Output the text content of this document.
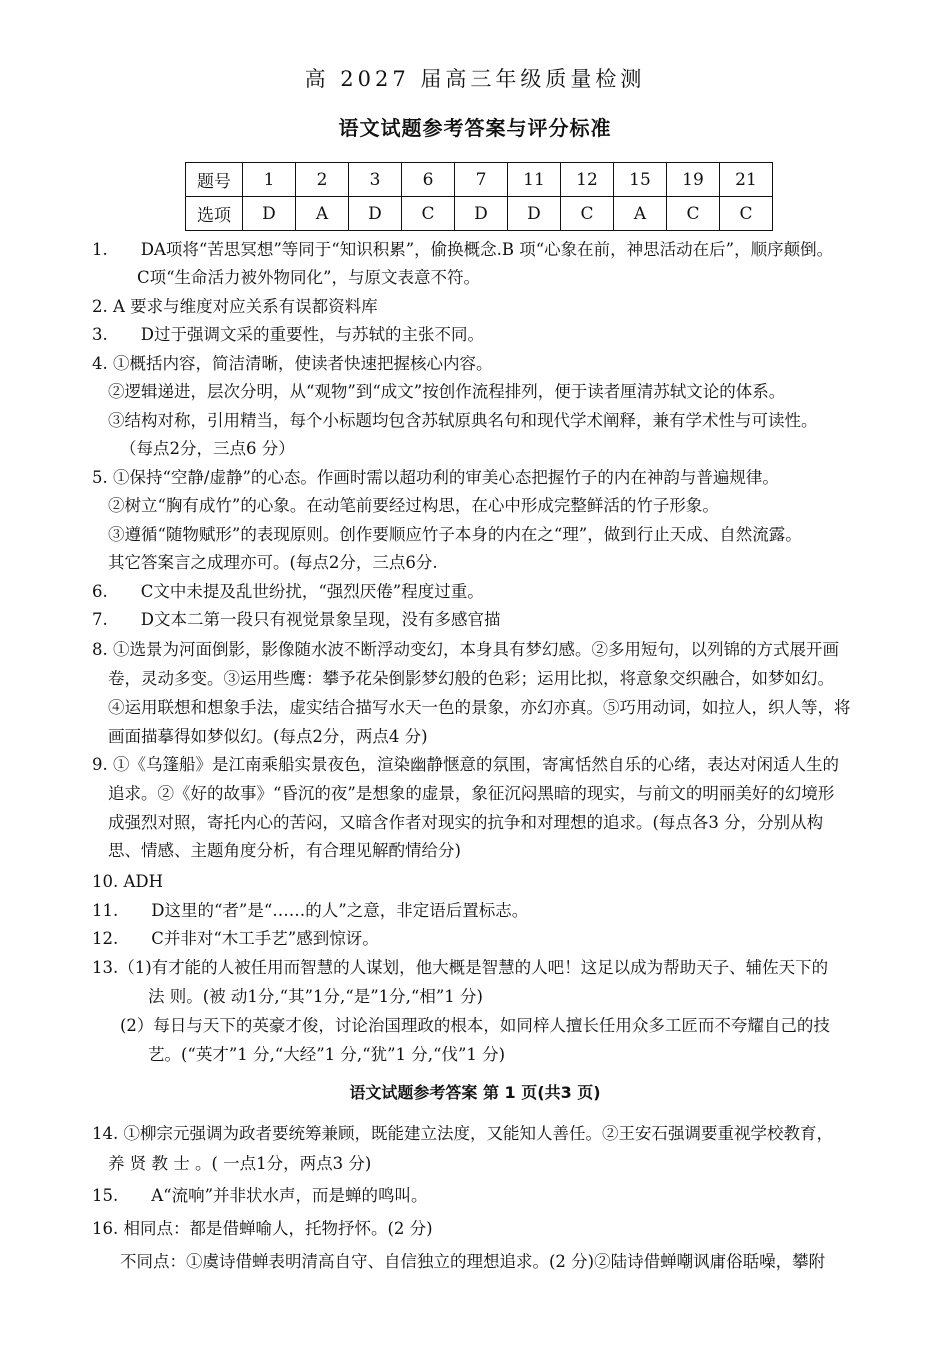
高 2027 届高三年级质量检测
语文试题参考答案与评分标准
题号	1	2	3	6	7	11	12	15	19	21
选项	D	A	D	C	D	D	C	A	C	C
1.　　DA项将“苦思冥想”等同于“知识积累”，偷换概念.B 项“心象在前，神思活动在后”，顺序颠倒。
C项“生命活力被外物同化”，与原文表意不符。
2. A 要求与维度对应关系有误都资料库
3.　　D过于强调文采的重要性，与苏轼的主张不同。
4. ①概括内容，简洁清晰，使读者快速把握核心内容。
②逻辑递进，层次分明，从“观物”到“成文”按创作流程排列，便于读者厘清苏轼文论的体系。
③结构对称，引用精当，每个小标题均包含苏轼原典名句和现代学术阐释，兼有学术性与可读性。
（每点2分，三点6 分）
5. ①保持“空静/虚静”的心态。作画时需以超功利的审美心态把握竹子的内在神韵与普遍规律。
②树立“胸有成竹”的心象。在动笔前要经过构思，在心中形成完整鲜活的竹子形象。
③遵循“随物赋形”的表现原则。创作要顺应竹子本身的内在之“理”，做到行止天成、自然流露。
其它答案言之成理亦可。(每点2分，三点6分.
6.　　C文中未提及乱世纷扰，“强烈厌倦”程度过重。
7.　　D文本二第一段只有视觉景象呈现，没有多感官描
8. ①选景为河面倒影，影像随水波不断浮动变幻，本身具有梦幻感。②多用短句，以列锦的方式展开画
卷，灵动多变。③运用些鹰：攀予花朵倒影梦幻般的色彩；运用比拟，将意象交织融合，如梦如幻。
④运用联想和想象手法，虚实结合描写水天一色的景象，亦幻亦真。⑤巧用动词，如拉人，织人等，将
画面描摹得如梦似幻。(每点2分，两点4 分)
9. ①《乌篷船》是江南乘船实景夜色，渲染幽静惬意的氛围，寄寓恬然自乐的心绪，表达对闲适人生的
追求。②《好的故事》“昏沉的夜”是想象的虚景，象征沉闷黑暗的现实，与前文的明丽美好的幻境形
成强烈对照，寄托内心的苦闷，又暗含作者对现实的抗争和对理想的追求。(每点各3 分，分别从构
思、情感、主题角度分析，有合理见解酌情给分)
10. ADH
11.　　D这里的“者”是“……的人”之意，非定语后置标志。
12.　　C并非对“木工手艺”感到惊讶。
13.（1)有才能的人被任用而智慧的人谋划，他大概是智慧的人吧！这足以成为帮助天子、辅佐天下的
法 则。(被 动1分,“其”1分,“是”1分,“相”1 分)
(2）每日与天下的英豪才俊，讨论治国理政的根本，如同梓人擅长任用众多工匠而不夸耀自己的技
艺。(“英才”1 分,“大经”1 分,“犹”1 分,“伐”1 分)
语文试题参考答案 第 1 页(共3 页)
14. ①柳宗元强调为政者要统筹兼顾，既能建立法度，又能知人善任。②王安石强调要重视学校教育，
养 贤 教 士 。( 一点1分，两点3 分)
15.　　A“流响”并非状水声，而是蝉的鸣叫。
16. 相同点：都是借蝉喻人，托物抒怀。(2 分)
不同点：①虞诗借蝉表明清高自守、自信独立的理想追求。(2 分)②陆诗借蝉嘲讽庸俗聒噪，攀附
